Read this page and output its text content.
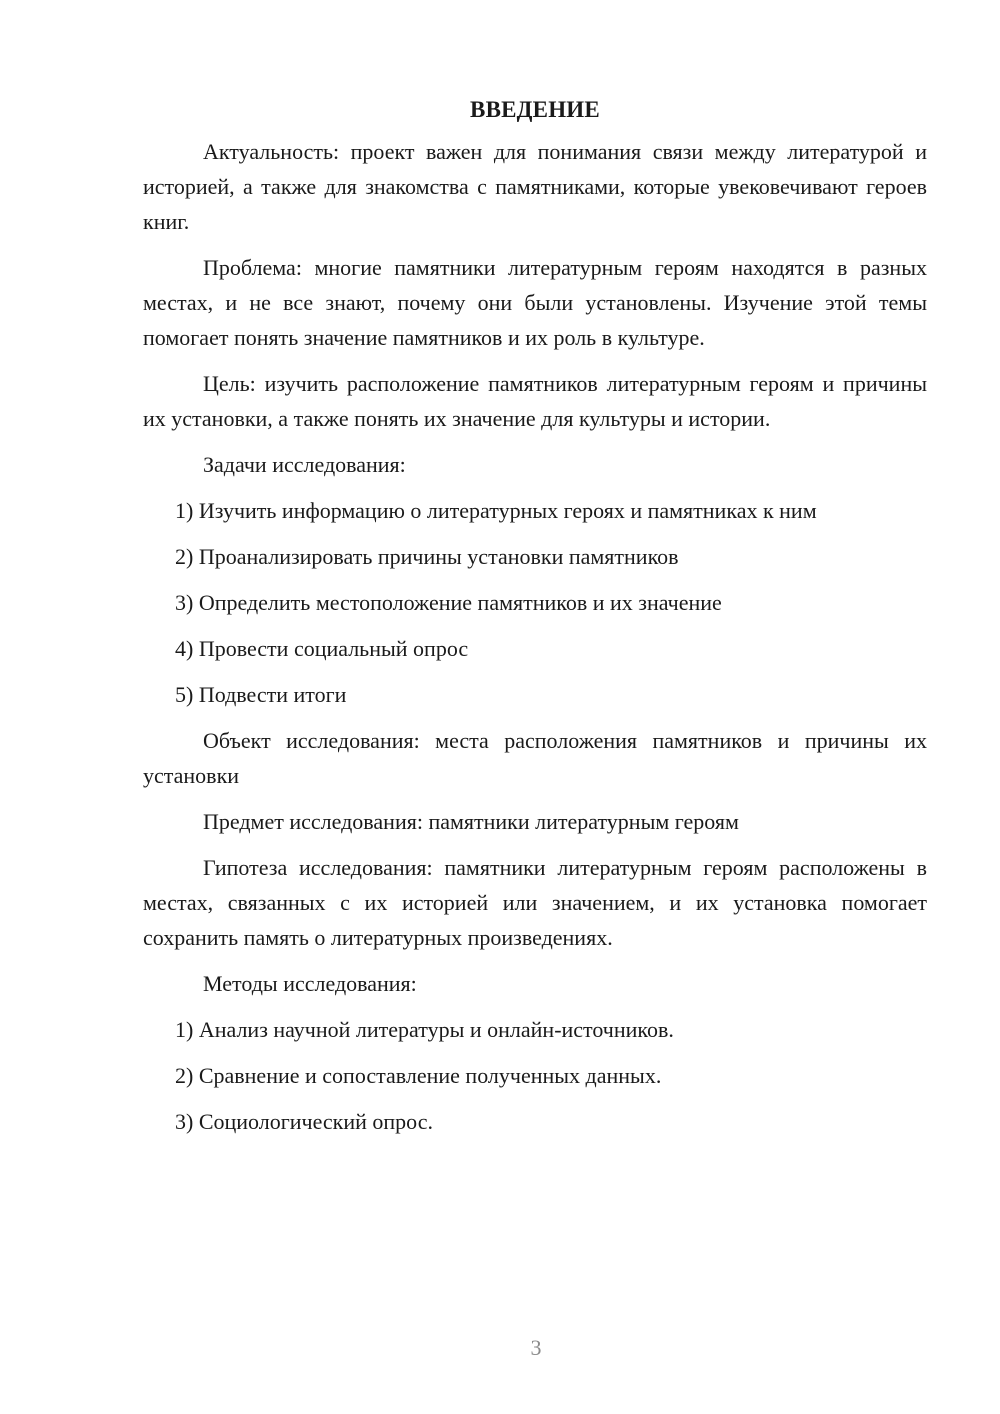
ВВЕДЕНИЕ

Актуальность: проект важен для понимания связи между литературой и историей, а также для знакомства с памятниками, которые увековечивают героев книг.

Проблема: многие памятники литературным героям находятся в разных местах, и не все знают, почему они были установлены. Изучение этой темы помогает понять значение памятников и их роль в культуре.

Цель: изучить расположение памятников литературным героям и причины их установки, а также понять их значение для культуры и истории.

Задачи исследования:
1) Изучить информацию о литературных героях и памятниках к ним
2) Проанализировать причины установки памятников
3) Определить местоположение памятников и их значение
4) Провести социальный опрос
5) Подвести итоги

Объект исследования: места расположения памятников и причины их установки

Предмет исследования: памятники литературным героям

Гипотеза исследования: памятники литературным героям расположены в местах, связанных с их историей или значением, и их установка помогает сохранить память о литературных произведениях.

Методы исследования:
1) Анализ научной литературы и онлайн-источников.
2) Сравнение и сопоставление полученных данных.
3) Социологический опрос.
3
